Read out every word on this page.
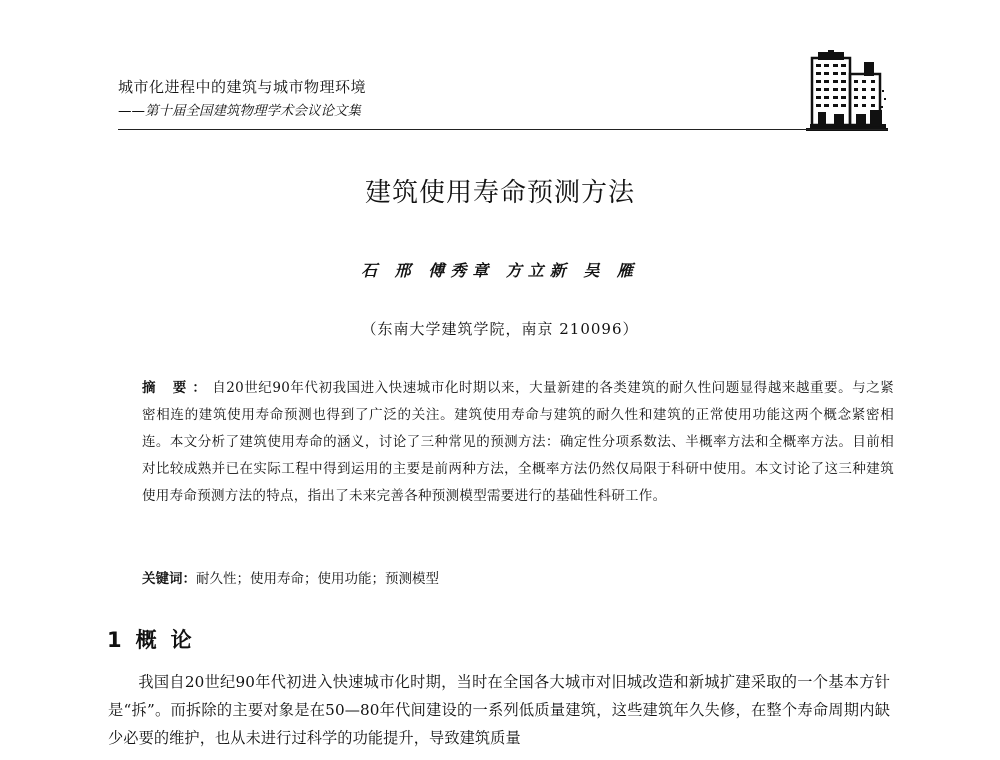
城市化进程中的建筑与城市物理环境
——第十届全国建筑物理学术会议论文集
建筑使用寿命预测方法
石 邢 傅秀章 方立新 吴 雁
（东南大学建筑学院，南京 210096）
摘 要：自20世纪90年代初我国进入快速城市化时期以来，大量新建的各类建筑的耐久性问题显得越来越重要。与之紧密相连的建筑使用寿命预测也得到了广泛的关注。建筑使用寿命与建筑的耐久性和建筑的正常使用功能这两个概念紧密相连。本文分析了建筑使用寿命的涵义，讨论了三种常见的预测方法：确定性分项系数法、半概率方法和全概率方法。目前相对比较成熟并已在实际工程中得到运用的主要是前两种方法，全概率方法仍然仅局限于科研中使用。本文讨论了这三种建筑使用寿命预测方法的特点，指出了未来完善各种预测模型需要进行的基础性科研工作。
关键词：耐久性；使用寿命；使用功能；预测模型
1 概论
我国自20世纪90年代初进入快速城市化时期，当时在全国各大城市对旧城改造和新城扩建采取的一个基本方针是“拆”。而拆除的主要对象是在50—80年代间建设的一系列低质量建筑，这些建筑年久失修，在整个寿命周期内缺少必要的维护，也从未进行过科学的功能提升，导致建筑质量
